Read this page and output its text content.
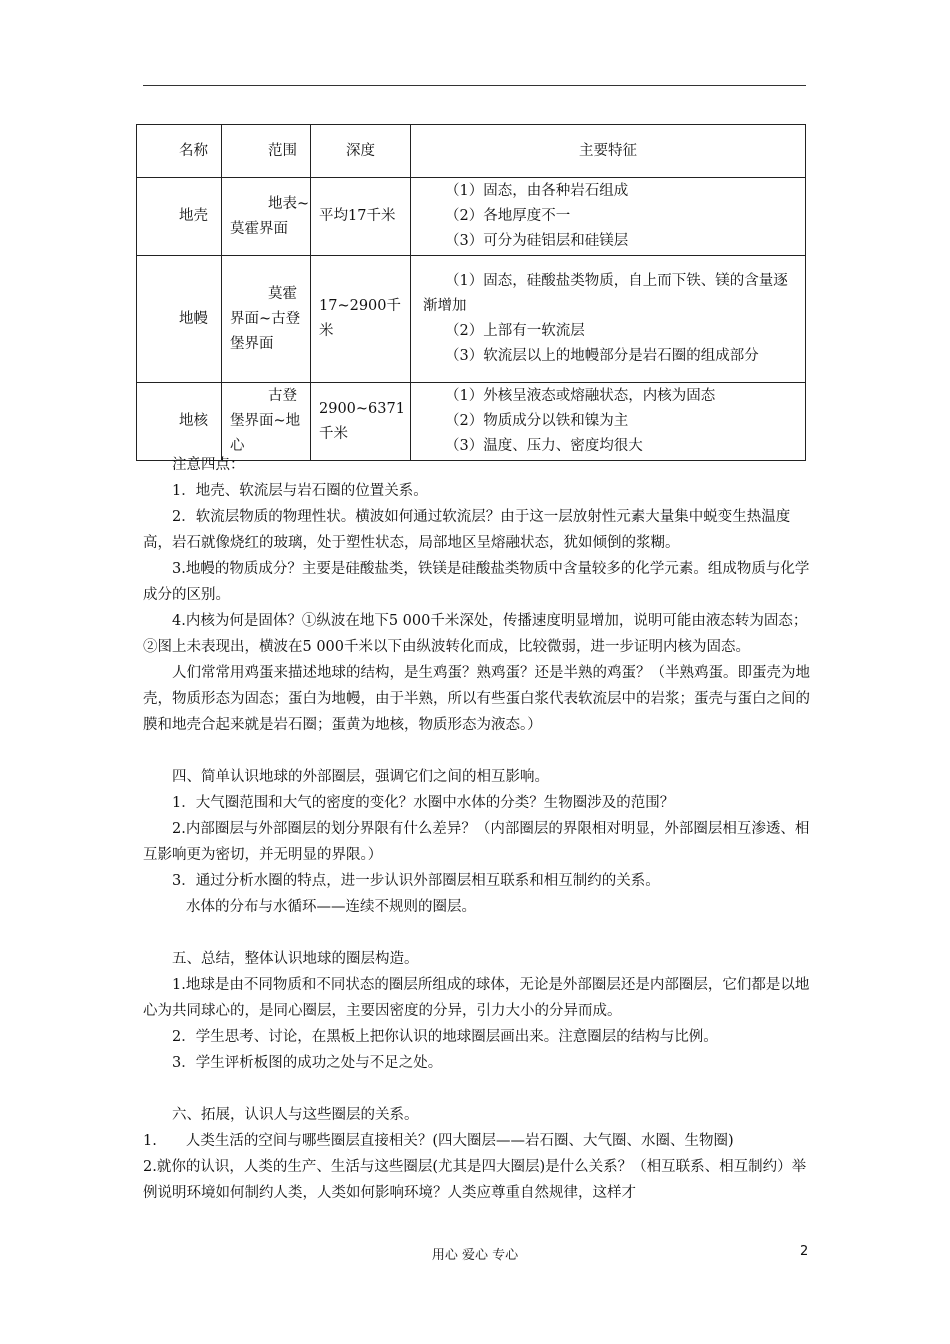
名称	范围	深度	主要特征
地壳	地表~莫霍界面	平均17千米	（1）固态，由各种岩石组成
（2）各地厚度不一
（3）可分为硅铝层和硅镁层

地幔	莫霍界面~古登堡界面	17~2900千米	（1）固态，硅酸盐类物质，自上而下铁、镁的含量逐渐增加
（2）上部有一软流层
（3）软流层以上的地幔部分是岩石圈的组成部分

地核	古登堡界面~地心	2900~6371千米	（1）外核呈液态或熔融状态，内核为固态
（2）物质成分以铁和镍为主
（3）温度、压力、密度均很大

注意四点：

1．地壳、软流层与岩石圈的位置关系。

2．软流层物质的物理性状。横波如何通过软流层？由于这一层放射性元素大量集中蜕变生热温度高，岩石就像烧红的玻璃，处于塑性状态，局部地区呈熔融状态，犹如倾倒的浆糊。

3.地幔的物质成分？主要是硅酸盐类，铁镁是硅酸盐类物质中含量较多的化学元素。组成物质与化学成分的区别。

4.内核为何是固体？①纵波在地下5 000千米深处，传播速度明显增加，说明可能由液态转为固态；②图上未表现出，横波在5 000千米以下由纵波转化而成，比较微弱，进一步证明内核为固态。

人们常常用鸡蛋来描述地球的结构，是生鸡蛋？熟鸡蛋？还是半熟的鸡蛋？（半熟鸡蛋。即蛋壳为地壳，物质形态为固态；蛋白为地幔，由于半熟，所以有些蛋白浆代表软流层中的岩浆；蛋壳与蛋白之间的膜和地壳合起来就是岩石圈；蛋黄为地核，物质形态为液态。）

四、简单认识地球的外部圈层，强调它们之间的相互影响。

1．大气圈范围和大气的密度的变化？水圈中水体的分类？生物圈涉及的范围？

2.内部圈层与外部圈层的划分界限有什么差异？（内部圈层的界限相对明显，外部圈层相互渗透、相互影响更为密切，并无明显的界限。）

3．通过分析水圈的特点，进一步认识外部圈层相互联系和相互制约的关系。

水体的分布与水循环——连续不规则的圈层。

五、总结，整体认识地球的圈层构造。

1.地球是由不同物质和不同状态的圈层所组成的球体，无论是外部圈层还是内部圈层，它们都是以地心为共同球心的，是同心圈层，主要因密度的分异，引力大小的分异而成。

2．学生思考、讨论，在黑板上把你认识的地球圈层画出来。注意圈层的结构与比例。

3．学生评析板图的成功之处与不足之处。

六、拓展，认识人与这些圈层的关系。

1.　　人类生活的空间与哪些圈层直接相关？(四大圈层——岩石圈、大气圈、水圈、生物圈)

2.就你的认识，人类的生产、生活与这些圈层(尤其是四大圈层)是什么关系？（相互联系、相互制约）举例说明环境如何制约人类，人类如何影响环境？人类应尊重自然规律，这样才

用心 爱心 专心	2
